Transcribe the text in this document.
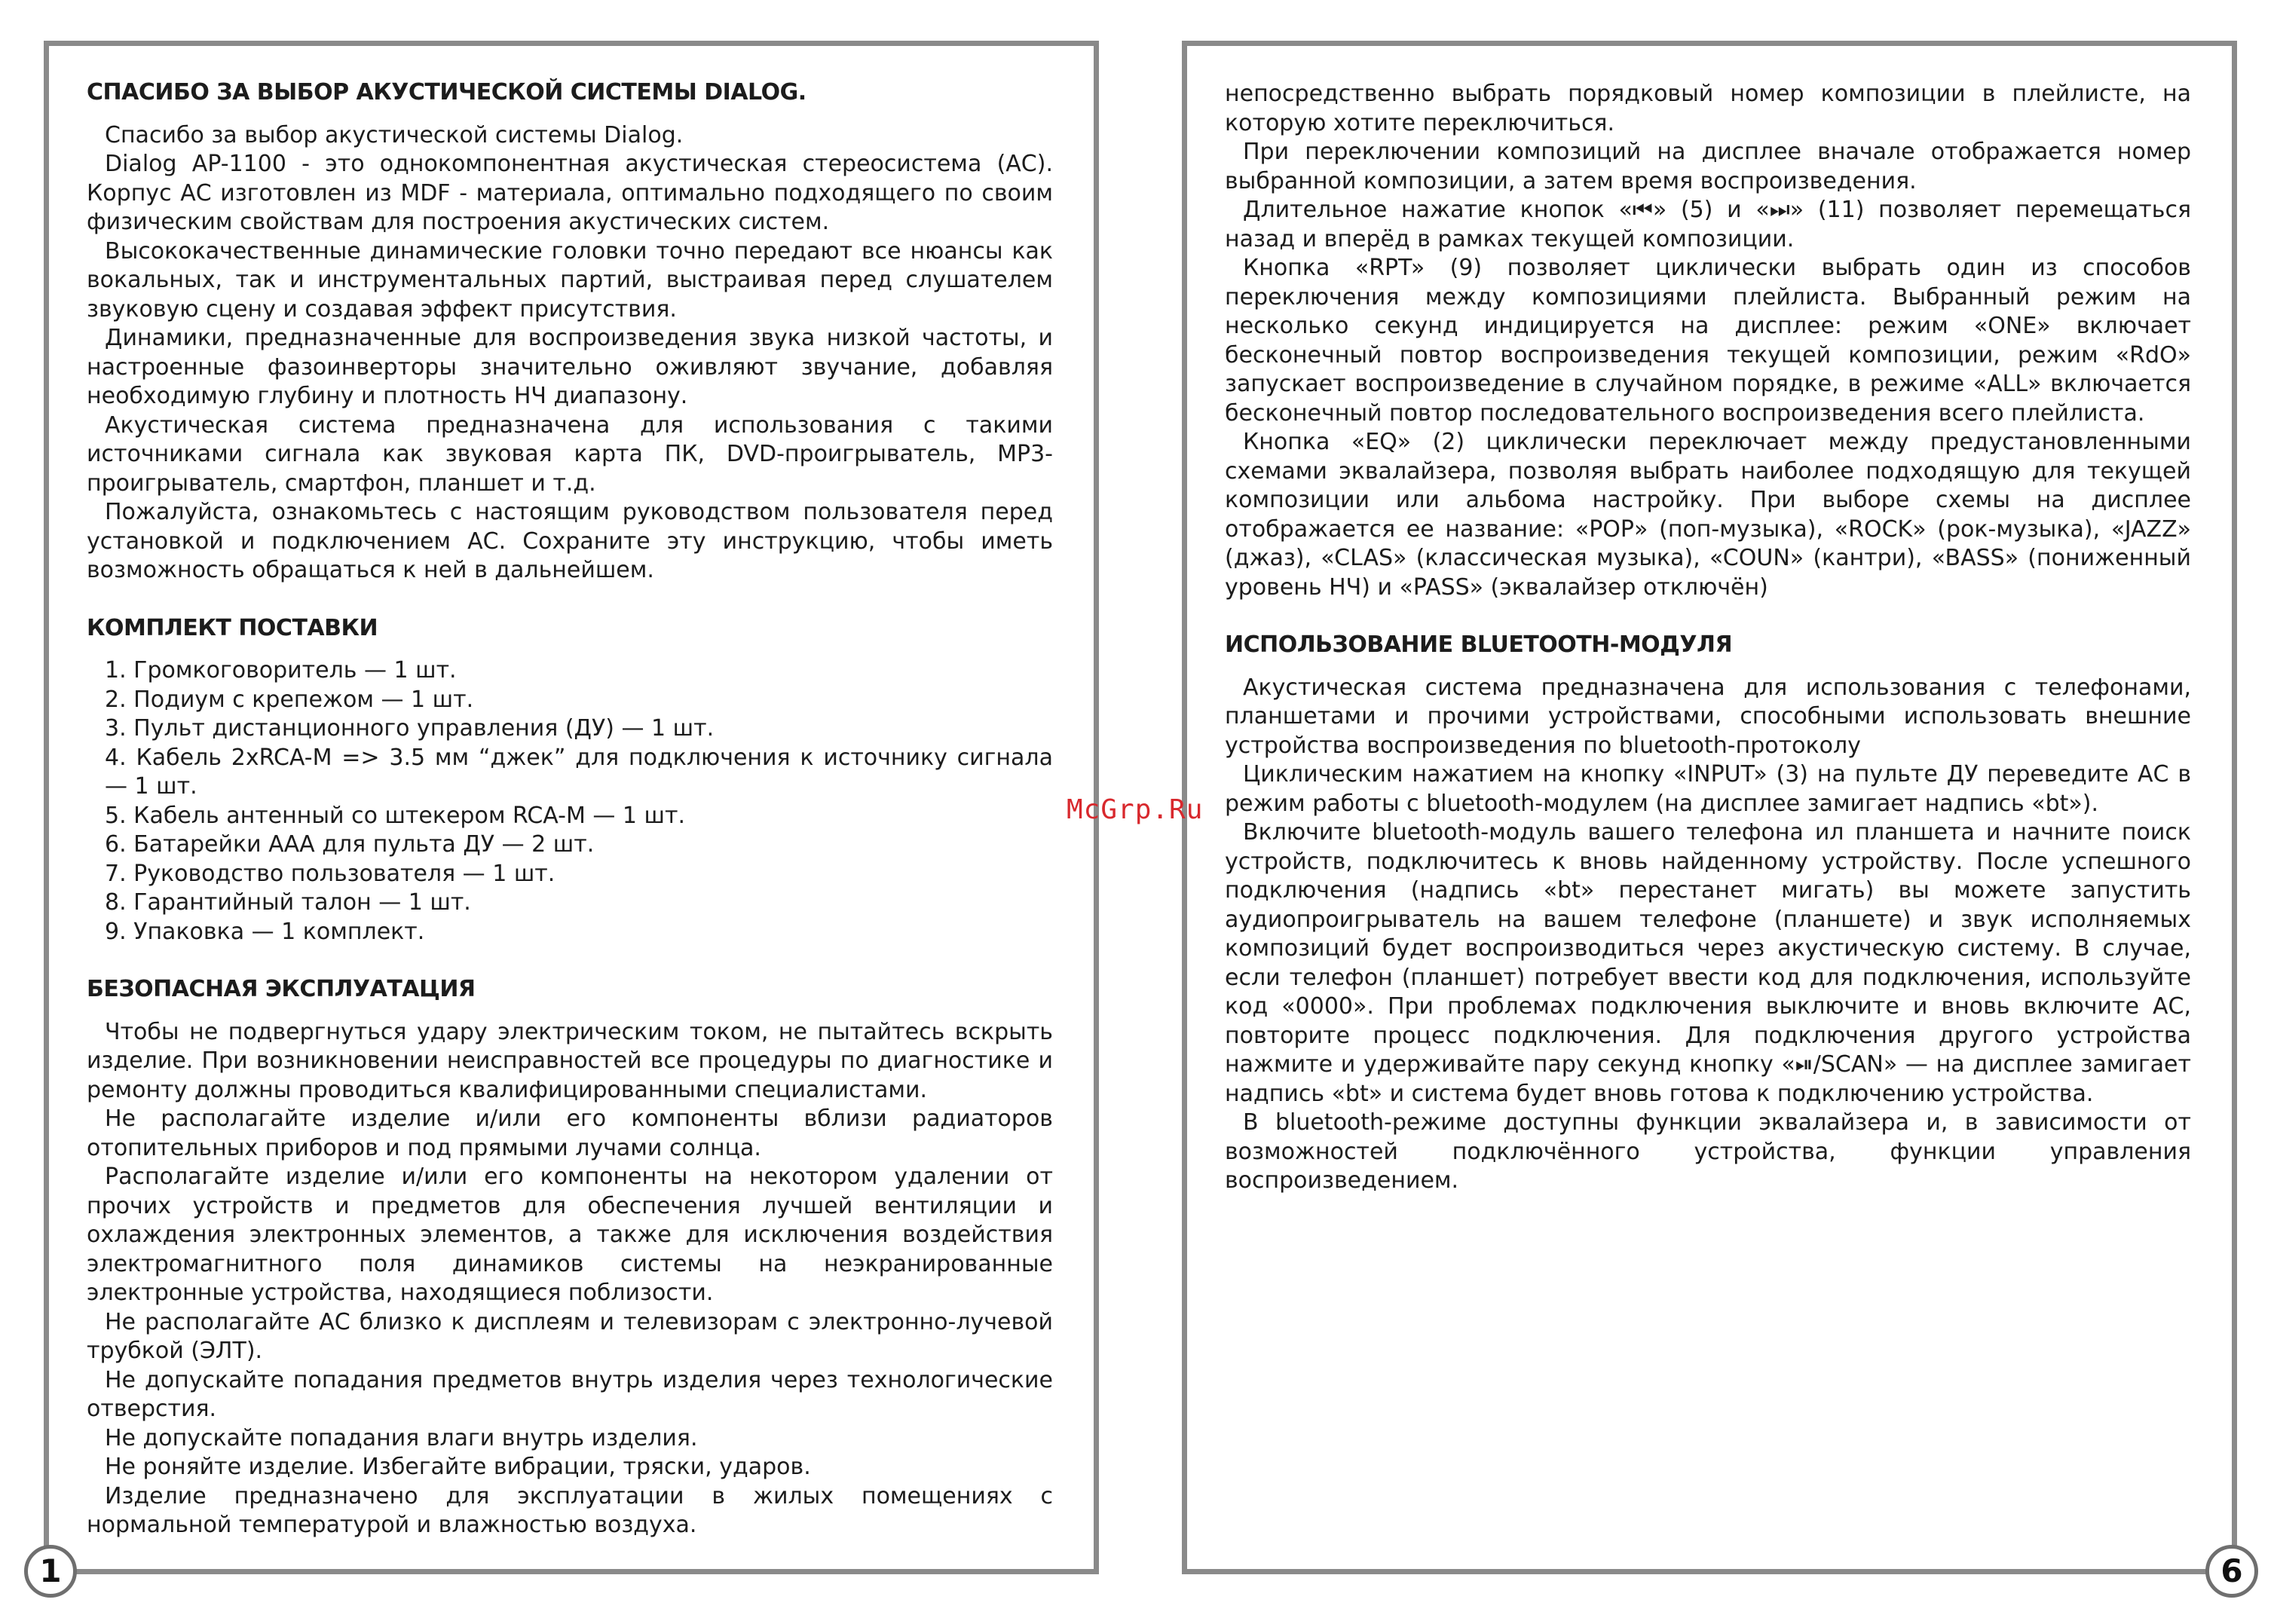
СПАСИБО ЗА ВЫБОР АКУСТИЧЕСКОЙ СИСТЕМЫ DIALOG.

Спасибо за выбор акустической системы Dialog.

Dialog AP-1100 - это однокомпонентная акустическая стереосистема (АС). Корпус АС изготовлен из MDF - материала, оптимально подходящего по своим физическим свойствам для построения акустических систем.

Высококачественные динамические головки точно передают все нюансы как вокальных, так и инструментальных партий, выстраивая перед слушателем звуковую сцену и создавая эффект присутствия.

Динамики, предназначенные для воспроизведения звука низкой частоты, и настроенные фазоинверторы значительно оживляют звучание, добавляя необходимую глубину и плотность НЧ диапазону.

Акустическая система предназначена для использования с такими источниками сигнала как звуковая карта ПК, DVD-проигрыватель, MP3-проигрыватель, смартфон, планшет и т.д.

Пожалуйста, ознакомьтесь с настоящим руководством пользователя перед установкой и подключением АС. Сохраните эту инструкцию, чтобы иметь возможность обращаться к ней в дальнейшем.

КОМПЛЕКТ ПОСТАВКИ
1. Громкоговоритель — 1 шт.
2. Подиум с крепежом — 1 шт.
3. Пульт дистанционного управления (ДУ) — 1 шт.
4. Кабель 2xRCA-M => 3.5 мм “джек” для подключения к источнику сигнала — 1 шт.
5. Кабель антенный со штекером RCA-M — 1 шт.
6. Батарейки ААА для пульта ДУ — 2 шт.
7. Руководство пользователя — 1 шт.
8. Гарантийный талон — 1 шт.
9. Упаковка — 1 комплект.
БЕЗОПАСНАЯ ЭКСПЛУАТАЦИЯ

Чтобы не подвергнуться удару электрическим током, не пытайтесь вскрыть изделие. При возникновении неисправностей все процедуры по диагностике и ремонту должны проводиться квалифицированными специалистами.

Не располагайте изделие и/или его компоненты вблизи радиаторов отопительных приборов и под прямыми лучами солнца.

Располагайте изделие и/или его компоненты на некотором удалении от прочих устройств и предметов для обеспечения лучшей вентиляции и охлаждения электронных элементов, а также для исключения воздействия электромагнитного поля динамиков системы на неэкранированные электронные устройства, находящиеся поблизости.

Не располагайте АС близко к дисплеям и телевизорам с электронно-лучевой трубкой (ЭЛТ).

Не допускайте попадания предметов внутрь изделия через технологические отверстия.

Не допускайте попадания влаги внутрь изделия.

Не роняйте изделие. Избегайте вибрации, тряски, ударов.

Изделие предназначено для эксплуатации в жилых помещениях с нормальной температурой и влажностью воздуха.

непосредственно выбрать порядковый номер композиции в плейлисте, на которую хотите переключиться.

При переключении композиций на дисплее вначале отображается номер выбранной композиции, а затем время воспроизведения.

Длительное нажатие кнопок «⏮» (5) и «⏭» (11) позволяет перемещаться назад и вперёд в рамках текущей композиции.

Кнопка «RPT» (9) позволяет циклически выбрать один из способов переключения между композициями плейлиста. Выбранный режим на несколько секунд индицируется на дисплее: режим «ONE» включает бесконечный повтор воспроизведения текущей композиции, режим «RdO» запускает воспроизведение в случайном порядке, в режиме «ALL» включается бесконечный повтор последовательного воспроизведения всего плейлиста.

Кнопка «EQ» (2) циклически переключает между предустановленными схемами эквалайзера, позволяя выбрать наиболее подходящую для текущей композиции или альбома настройку. При выборе схемы на дисплее отображается ее название: «POP» (поп-музыка), «ROCK» (рок-музыка), «JAZZ» (джаз), «CLAS» (классическая музыка), «COUN» (кантри), «BASS» (пониженный уровень НЧ) и «PASS» (эквалайзер отключён)

ИСПОЛЬЗОВАНИЕ BLUETOOTH-МОДУЛЯ

Акустическая система предназначена для использования с телефонами, планшетами и прочими устройствами, способными использовать внешние устройства воспроизведения по bluetooth-протоколу

Циклическим нажатием на кнопку «INPUT» (3) на пульте ДУ переведите АС в режим работы с bluetooth-модулем (на дисплее замигает надпись «bt»).

Включите bluetooth-модуль вашего телефона ил планшета и начните поиск устройств, подключитесь к вновь найденному устройству. После успешного подключения (надпись «bt» перестанет мигать) вы можете запустить аудиопроигрыватель на вашем телефоне (планшете) и звук исполняемых композиций будет воспроизводиться через акустическую систему. В случае, если телефон (планшет) потребует ввести код для подключения, используйте код «0000». При проблемах подключения выключите и вновь включите АС, повторите процесс подключения. Для подключения другого устройства нажмите и удерживайте пару секунд кнопку «⏯/SCAN» — на дисплее замигает надпись «bt» и система будет вновь готова к подключению устройства.

В bluetooth-режиме доступны функции эквалайзера и, в зависимости от возможностей подключённого устройства, функции управления воспроизведением.

McGrp.Ru
1	6
